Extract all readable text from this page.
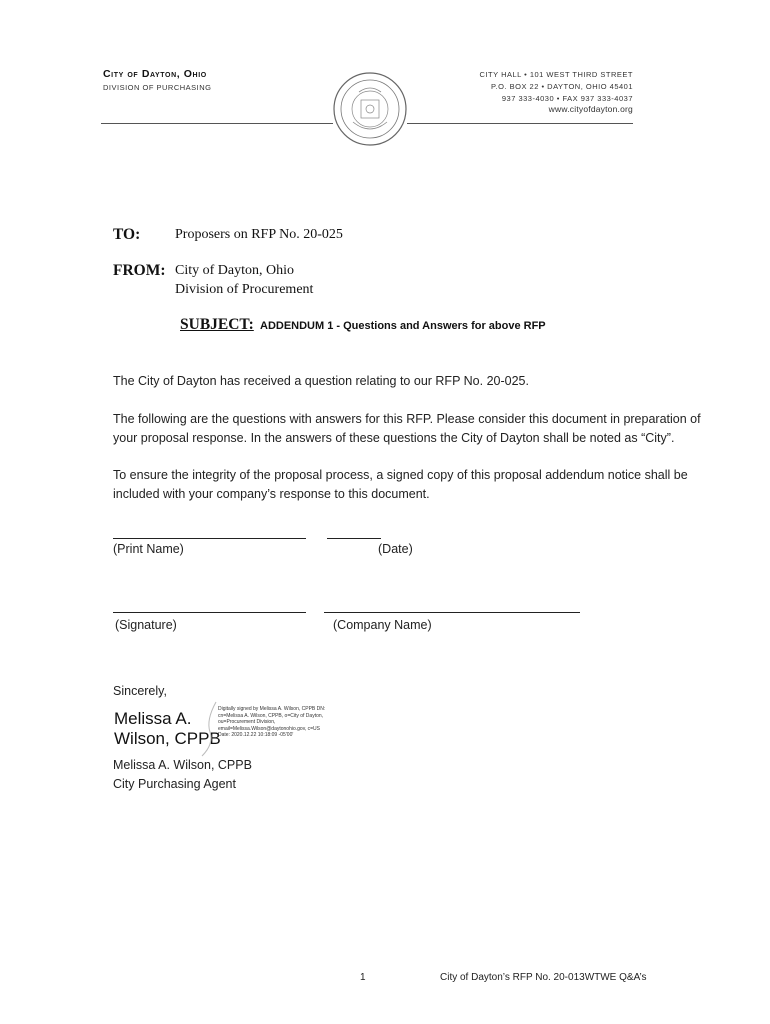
City of Dayton, Ohio
DIVISION OF PURCHASING
CITY HALL • 101 WEST THIRD STREET
P.O. BOX 22 • DAYTON, OHIO 45401
937 333-4030 • FAX 937 333-4037
www.cityofdayton.org
TO: Proposers on RFP No. 20-025
FROM: City of Dayton, Ohio
Division of Procurement
SUBJECT: ADDENDUM 1 - Questions and Answers for above RFP
The City of Dayton has received a question relating to our RFP No. 20-025.
The following are the questions with answers for this RFP. Please consider this document in preparation of your proposal response. In the answers of these questions the City of Dayton shall be noted as “City”.
To ensure the integrity of the proposal process, a signed copy of this proposal addendum notice shall be included with your company’s response to this document.
(Print Name)	(Date)
(Signature)	(Company Name)
Sincerely,
Melissa A.
Wilson, CPPB
Digitally signed by Melissa A. Wilson, CPPB DN: cn=Melissa A. Wilson, CPPB, o=City of Dayton, ou=Procurement Division, email=Melissa.Wilson@daytonohio.gov, c=US Date: 2020.12.22 10:18:09 -05'00'
Melissa A. Wilson, CPPB
City Purchasing Agent
1	City of Dayton’s RFP No. 20-013WTWE Q&A’s
